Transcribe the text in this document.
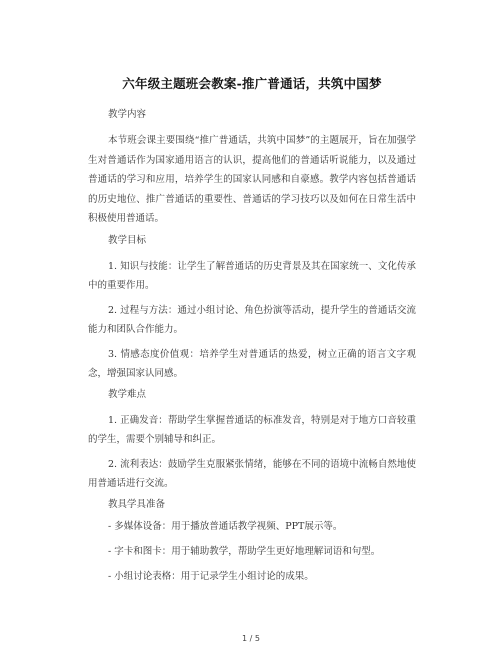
六年级主题班会教案-推广普通话，共筑中国梦
教学内容
本节班会课主要围绕“推广普通话，共筑中国梦”的主题展开，旨在加强学生对普通话作为国家通用语言的认识，提高他们的普通话听说能力，以及通过普通话的学习和应用，培养学生的国家认同感和自豪感。教学内容包括普通话的历史地位、推广普通话的重要性、普通话的学习技巧以及如何在日常生活中积极使用普通话。
教学目标
1. 知识与技能：让学生了解普通话的历史背景及其在国家统一、文化传承中的重要作用。
2. 过程与方法：通过小组讨论、角色扮演等活动，提升学生的普通话交流能力和团队合作能力。
3. 情感态度价值观：培养学生对普通话的热爱，树立正确的语言文字观念，增强国家认同感。
教学难点
1. 正确发音：帮助学生掌握普通话的标准发音，特别是对于地方口音较重的学生，需要个别辅导和纠正。
2. 流利表达：鼓励学生克服紧张情绪，能够在不同的语境中流畅自然地使用普通话进行交流。
教具学具准备
- 多媒体设备：用于播放普通话教学视频、PPT展示等。
- 字卡和图卡：用于辅助教学，帮助学生更好地理解词语和句型。
- 小组讨论表格：用于记录学生小组讨论的成果。
1 / 5
